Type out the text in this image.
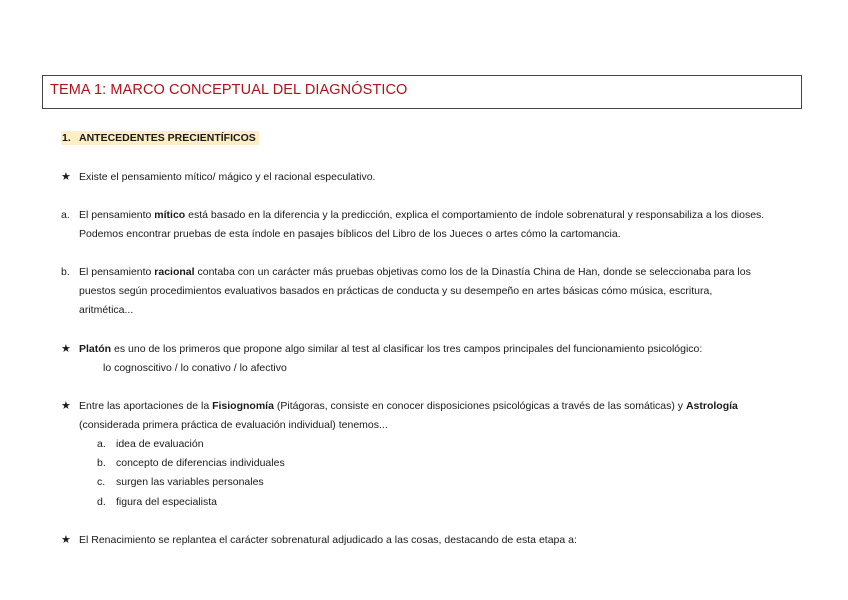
TEMA 1: MARCO CONCEPTUAL DEL DIAGNÓSTICO
1. ANTECEDENTES PRECIENTÍFICOS
★ Existe el pensamiento mítico/ mágico y el racional especulativo.
a. El pensamiento mítico está basado en la diferencia y la predicción, explica el comportamiento de índole sobrenatural y responsabiliza a los dioses.
Podemos encontrar pruebas de esta índole en pasajes bíblicos del Libro de los Jueces o artes cómo la cartomancia.
b. El pensamiento racional contaba con un carácter más pruebas objetivas como los de la Dinastía China de Han, donde se seleccionaba para los
puestos según procedimientos evaluativos basados en prácticas de conducta y su desempeño en artes básicas cómo música, escritura,
aritmética...
★ Platón es uno de los primeros que propone algo similar al test al clasificar los tres campos principales del funcionamiento psicológico:
lo cognoscitivo / lo conativo / lo afectivo
★ Entre las aportaciones de la Fisiognomía (Pitágoras, consiste en conocer disposiciones psicológicas a través de las somáticas) y Astrología
(considerada primera práctica de evaluación individual) tenemos...
a. idea de evaluación
b. concepto de diferencias individuales
c. surgen las variables personales
d. figura del especialista
★ El Renacimiento se replantea el carácter sobrenatural adjudicado a las cosas, destacando de esta etapa a:
